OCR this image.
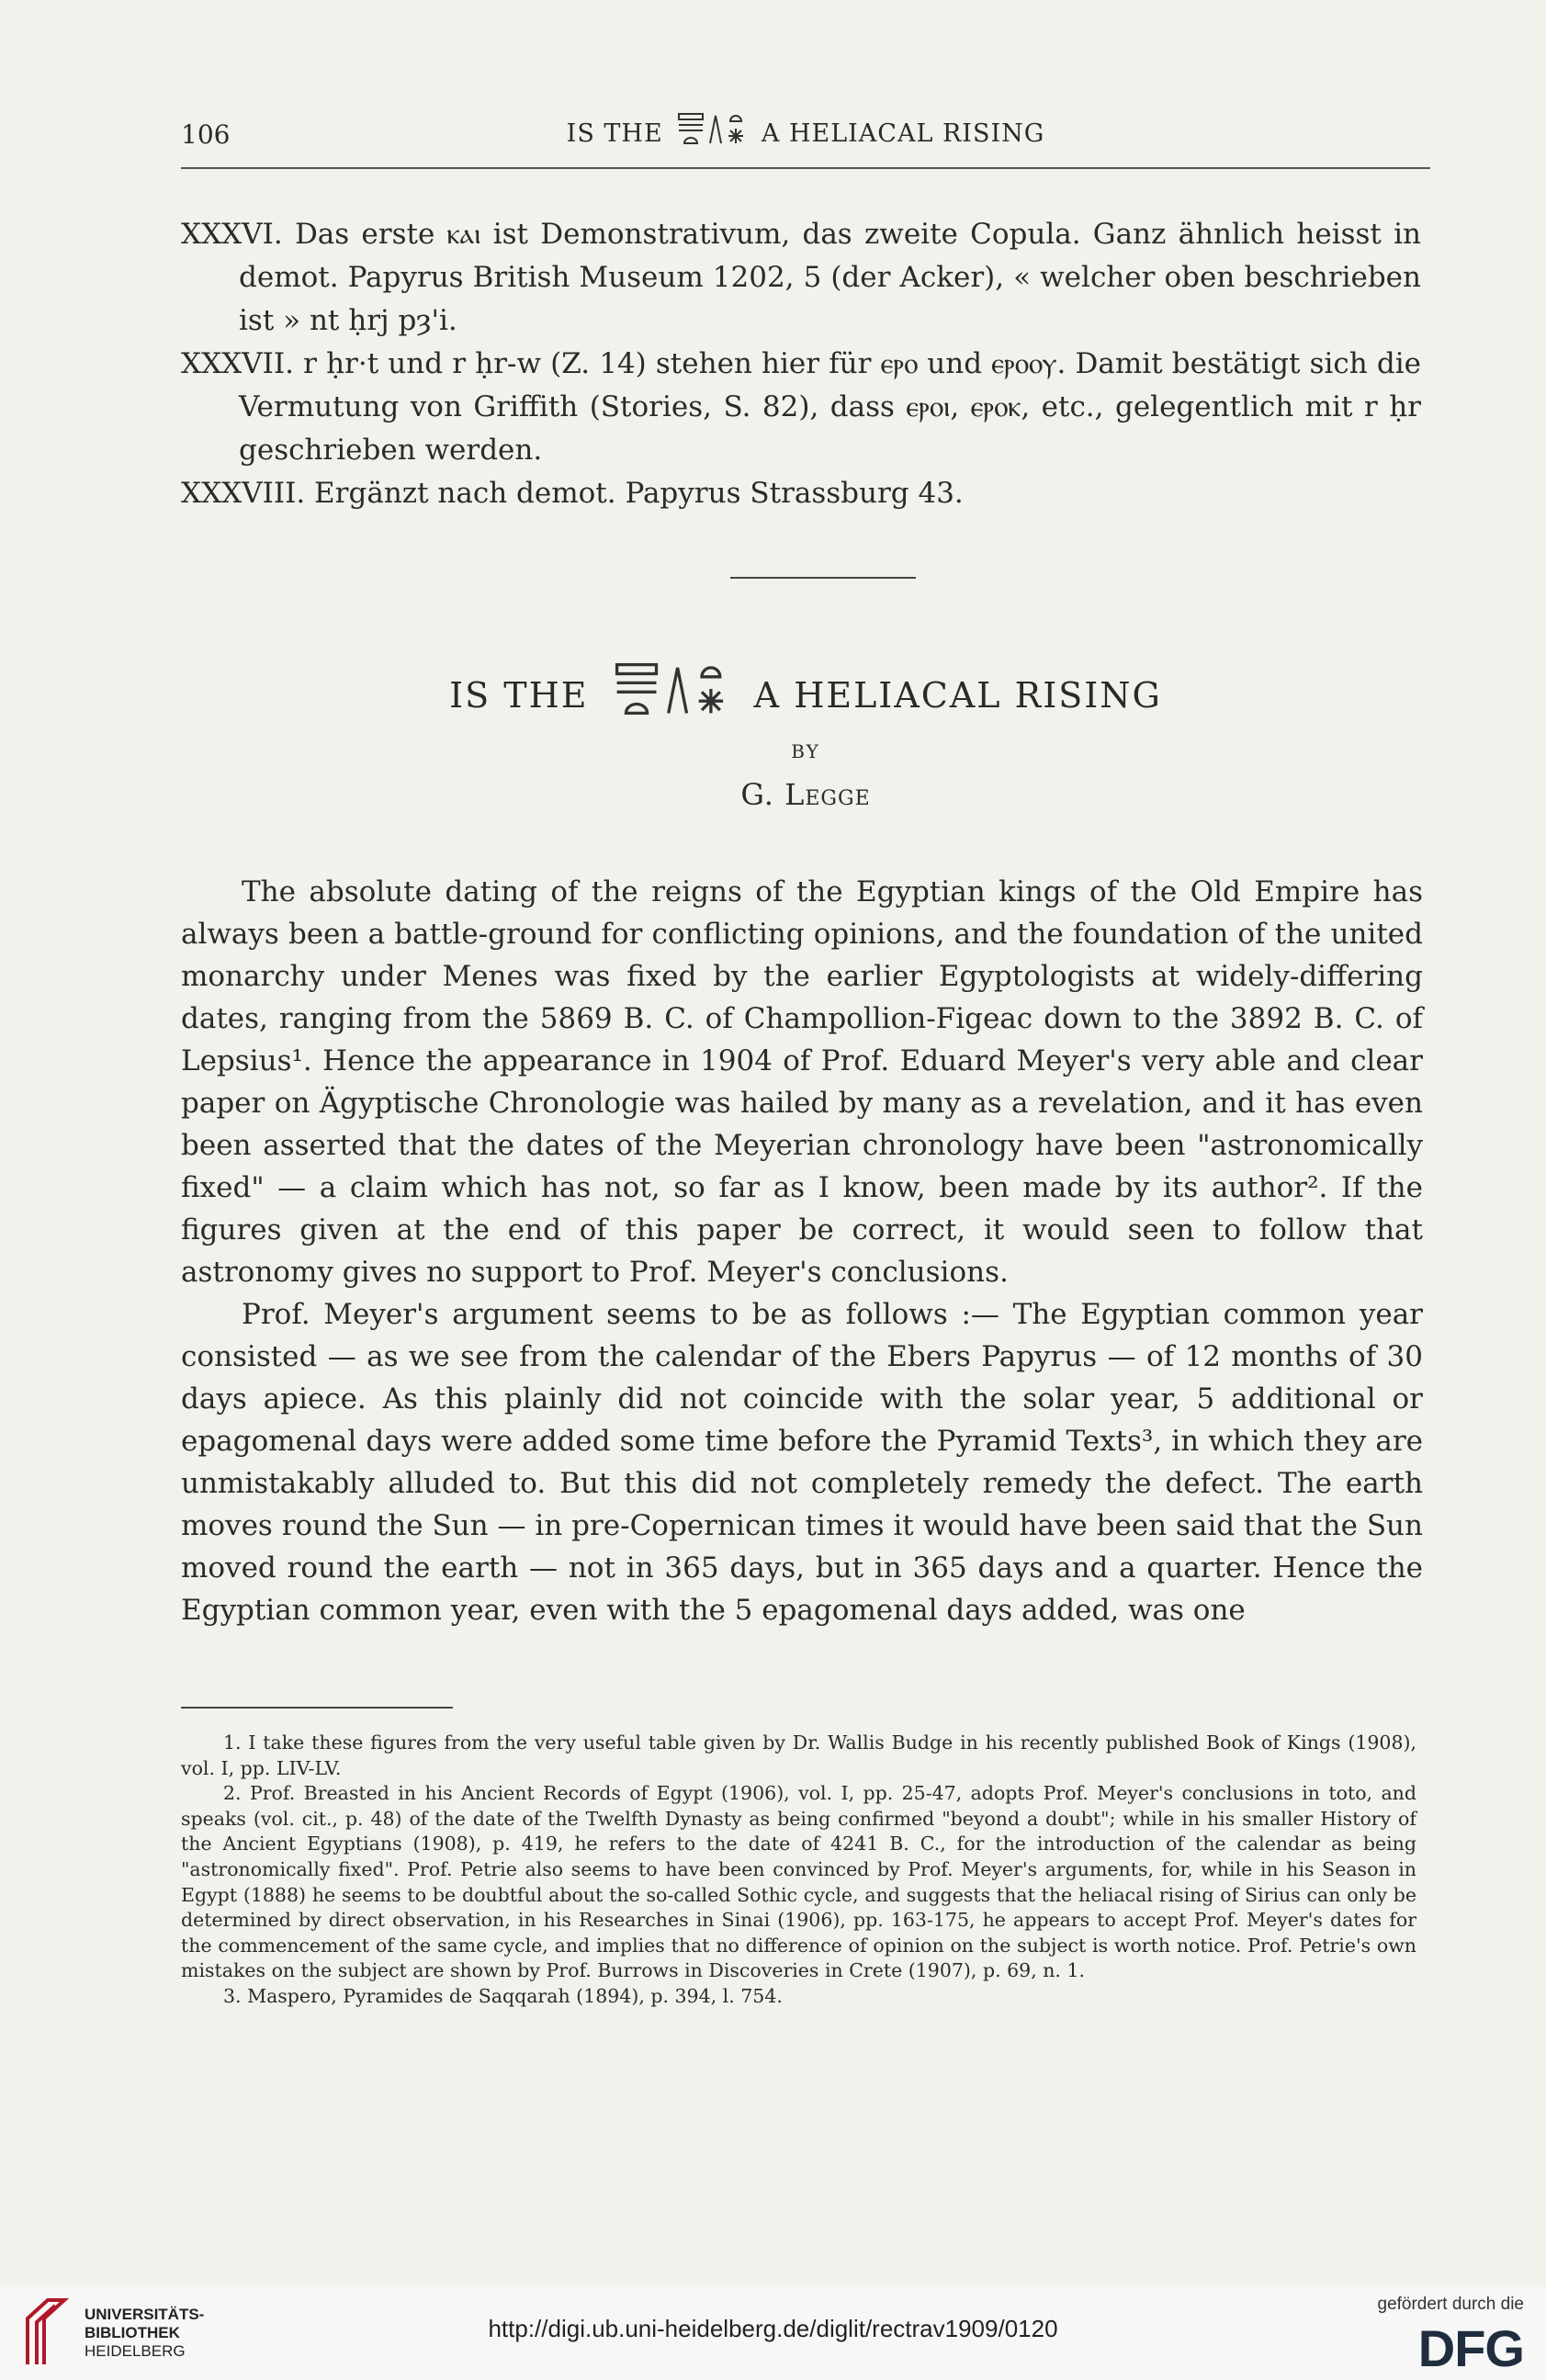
106	IS THE	A HELIACAL RISING

XXXVI. Das erste ⲕⲁⲓ ist Demonstrativum, das zweite Copula. Ganz ähnlich heisst in demot. Papyrus British Museum 1202, 5 (der Acker), « welcher oben beschrieben ist » nt ḥrj pȝ'i.

XXXVII. r ḥr·t und r ḥr-w (Z. 14) stehen hier für ⲉⲣⲟ und ⲉⲣⲟⲟⲩ. Damit bestätigt sich die Vermutung von Griffith (Stories, S. 82), dass ⲉⲣⲟⲓ, ⲉⲣⲟⲕ, etc., gelegentlich mit r ḥr geschrieben werden.

XXXVIII. Ergänzt nach demot. Papyrus Strassburg 43.

IS THE	A HELIACAL RISING
BY
G. Legge

The absolute dating of the reigns of the Egyptian kings of the Old Empire has always been a battle-ground for conflicting opinions, and the foundation of the united monarchy under Menes was fixed by the earlier Egyptologists at widely-differing dates, ranging from the 5869 B. C. of Champollion-Figeac down to the 3892 B. C. of Lepsius¹. Hence the appearance in 1904 of Prof. Eduard Meyer's very able and clear paper on Ägyptische Chronologie was hailed by many as a revelation, and it has even been asserted that the dates of the Meyerian chronology have been "astronomically fixed" — a claim which has not, so far as I know, been made by its author². If the figures given at the end of this paper be correct, it would seen to follow that astronomy gives no support to Prof. Meyer's conclusions.

Prof. Meyer's argument seems to be as follows :— The Egyptian common year consisted — as we see from the calendar of the Ebers Papyrus — of 12 months of 30 days apiece. As this plainly did not coincide with the solar year, 5 additional or epagomenal days were added some time before the Pyramid Texts³, in which they are unmistakably alluded to. But this did not completely remedy the defect. The earth moves round the Sun — in pre-Copernican times it would have been said that the Sun moved round the earth — not in 365 days, but in 365 days and a quarter. Hence the Egyptian common year, even with the 5 epagomenal days added, was one

1. I take these figures from the very useful table given by Dr. Wallis Budge in his recently published Book of Kings (1908), vol. I, pp. LIV-LV.

2. Prof. Breasted in his Ancient Records of Egypt (1906), vol. I, pp. 25-47, adopts Prof. Meyer's conclusions in toto, and speaks (vol. cit., p. 48) of the date of the Twelfth Dynasty as being confirmed "beyond a doubt"; while in his smaller History of the Ancient Egyptians (1908), p. 419, he refers to the date of 4241 B. C., for the introduction of the calendar as being "astronomically fixed". Prof. Petrie also seems to have been convinced by Prof. Meyer's arguments, for, while in his Season in Egypt (1888) he seems to be doubtful about the so-called Sothic cycle, and suggests that the heliacal rising of Sirius can only be determined by direct observation, in his Researches in Sinai (1906), pp. 163-175, he appears to accept Prof. Meyer's dates for the commencement of the same cycle, and implies that no difference of opinion on the subject is worth notice. Prof. Petrie's own mistakes on the subject are shown by Prof. Burrows in Discoveries in Crete (1907), p. 69, n. 1.

3. Maspero, Pyramides de Saqqarah (1894), p. 394, l. 754.

UNIVERSITÄTS-
BIBLIOTHEK
HEIDELBERG
http://digi.ub.uni-heidelberg.de/diglit/rectrav1909/0120
gefördert durch die
DFG
